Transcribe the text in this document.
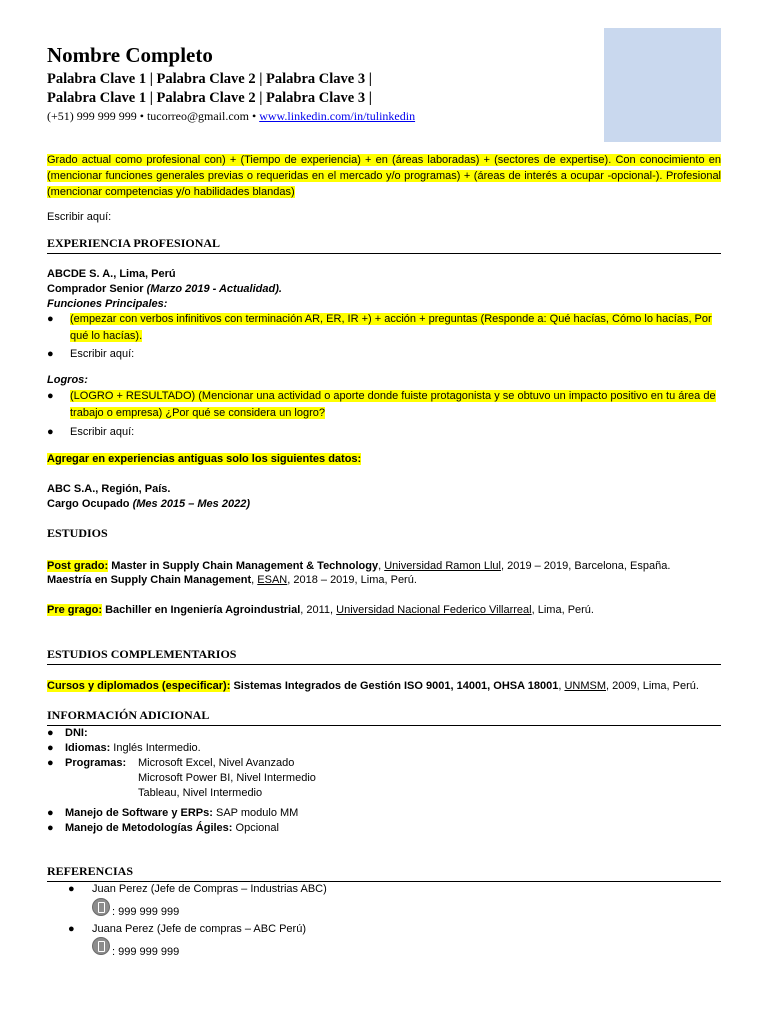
Nombre Completo
Palabra Clave 1 | Palabra Clave 2 | Palabra Clave 3 |
Palabra Clave 1 | Palabra Clave 2 | Palabra Clave 3 |
(+51) 999 999 999 • tucorreo@gmail.com • www.linkedin.com/in/tulinkedin
Grado actual como profesional con) + (Tiempo de experiencia) + en (áreas laboradas) + (sectores de expertise). Con conocimiento en (mencionar funciones generales previas o requeridas en el mercado y/o programas) + (áreas de interés a ocupar -opcional-). Profesional (mencionar competencias y/o habilidades blandas)
Escribir aquí:
EXPERIENCIA PROFESIONAL
ABCDE S. A., Lima, Perú
Comprador Senior (Marzo 2019 - Actualidad).
Funciones Principales:
● (empezar con verbos infinitivos con terminación AR, ER, IR +) + acción + preguntas (Responde a: Qué hacías, Cómo lo hacías, Por qué lo hacías).
● Escribir aquí:
Logros:
● (LOGRO + RESULTADO) (Mencionar una actividad o aporte donde fuiste protagonista y se obtuvo un impacto positivo en tu área de trabajo o empresa) ¿Por qué se considera un logro?
● Escribir aquí:
Agregar en experiencias antiguas solo los siguientes datos:
ABC S.A., Región, País.
Cargo Ocupado (Mes 2015 – Mes 2022)
ESTUDIOS
Post grado: Master in Supply Chain Management & Technology, Universidad Ramon Llul, 2019 – 2019, Barcelona, España.
Maestría en Supply Chain Management, ESAN, 2018 – 2019, Lima, Perú.
Pre grago: Bachiller en Ingeniería Agroindustrial, 2011, Universidad Nacional Federico Villarreal, Lima, Perú.
ESTUDIOS COMPLEMENTARIOS
Cursos y diplomados (especificar): Sistemas Integrados de Gestión ISO 9001, 14001, OHSA 18001, UNMSM, 2009, Lima, Perú.
INFORMACIÓN ADICIONAL
● DNI:
● Idiomas: Inglés Intermedio.
● Programas: Microsoft Excel, Nivel Avanzado
Microsoft Power BI, Nivel Intermedio
Tableau, Nivel Intermedio
● Manejo de Software y ERPs: SAP modulo MM
● Manejo de Metodologías Ágiles: Opcional
REFERENCIAS
● Juan Perez (Jefe de Compras – Industrias ABC)
: 999 999 999
● Juana Perez (Jefe de compras – ABC Perú)
: 999 999 999
